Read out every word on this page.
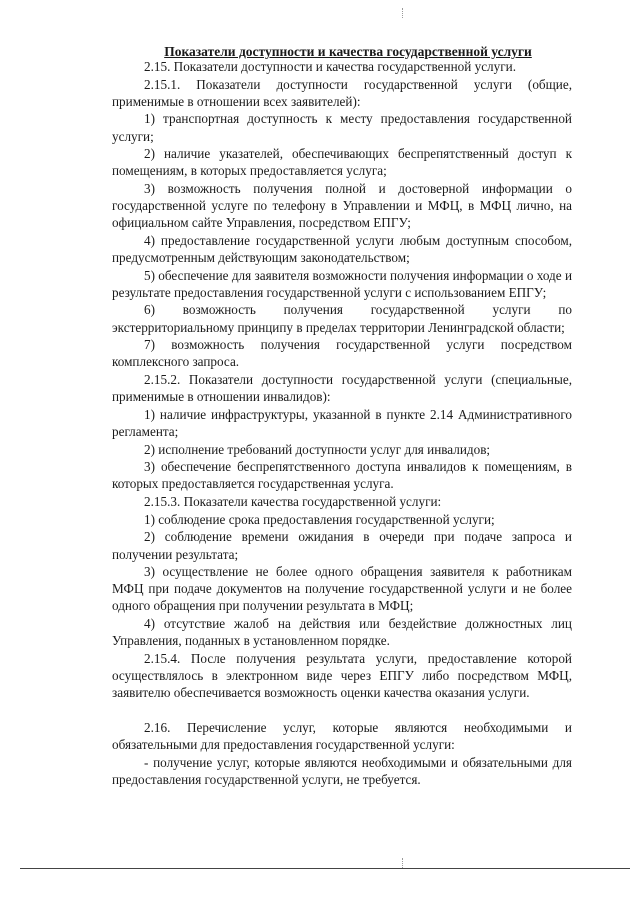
Показатели доступности и качества государственной услуги

2.15. Показатели доступности и качества государственной услуги.

2.15.1. Показатели доступности государственной услуги (общие, применимые в отношении всех заявителей):

1) транспортная доступность к месту предоставления государственной услуги;

2) наличие указателей, обеспечивающих беспрепятственный доступ к помещениям, в которых предоставляется услуга;

3) возможность получения полной и достоверной информации о государственной услуге по телефону в Управлении и МФЦ, в МФЦ лично, на официальном сайте Управления, посредством ЕПГУ;

4) предоставление государственной услуги любым доступным способом, предусмотренным действующим законодательством;

5) обеспечение для заявителя возможности получения информации о ходе и результате предоставления государственной услуги с использованием ЕПГУ;

6) возможность получения государственной услуги по экстерриториальному принципу в пределах территории Ленинградской области;

7) возможность получения государственной услуги посредством комплексного запроса.

2.15.2. Показатели доступности государственной услуги (специальные, применимые в отношении инвалидов):

1) наличие инфраструктуры, указанной в пункте 2.14 Административного регламента;

2) исполнение требований доступности услуг для инвалидов;

3) обеспечение беспрепятственного доступа инвалидов к помещениям, в которых предоставляется государственная услуга.

2.15.3. Показатели качества государственной услуги:

1) соблюдение срока предоставления государственной услуги;

2) соблюдение времени ожидания в очереди при подаче запроса и получении результата;

3) осуществление не более одного обращения заявителя к работникам МФЦ при подаче документов на получение государственной услуги и не более одного обращения при получении результата в МФЦ;

4) отсутствие жалоб на действия или бездействие должностных лиц Управления, поданных в установленном порядке.

2.15.4. После получения результата услуги, предоставление которой осуществлялось в электронном виде через ЕПГУ либо посредством МФЦ, заявителю обеспечивается возможность оценки качества оказания услуги.

2.16. Перечисление услуг, которые являются необходимыми и обязательными для предоставления государственной услуги:

- получение услуг, которые являются необходимыми и обязательными для предоставления государственной услуги, не требуется.
